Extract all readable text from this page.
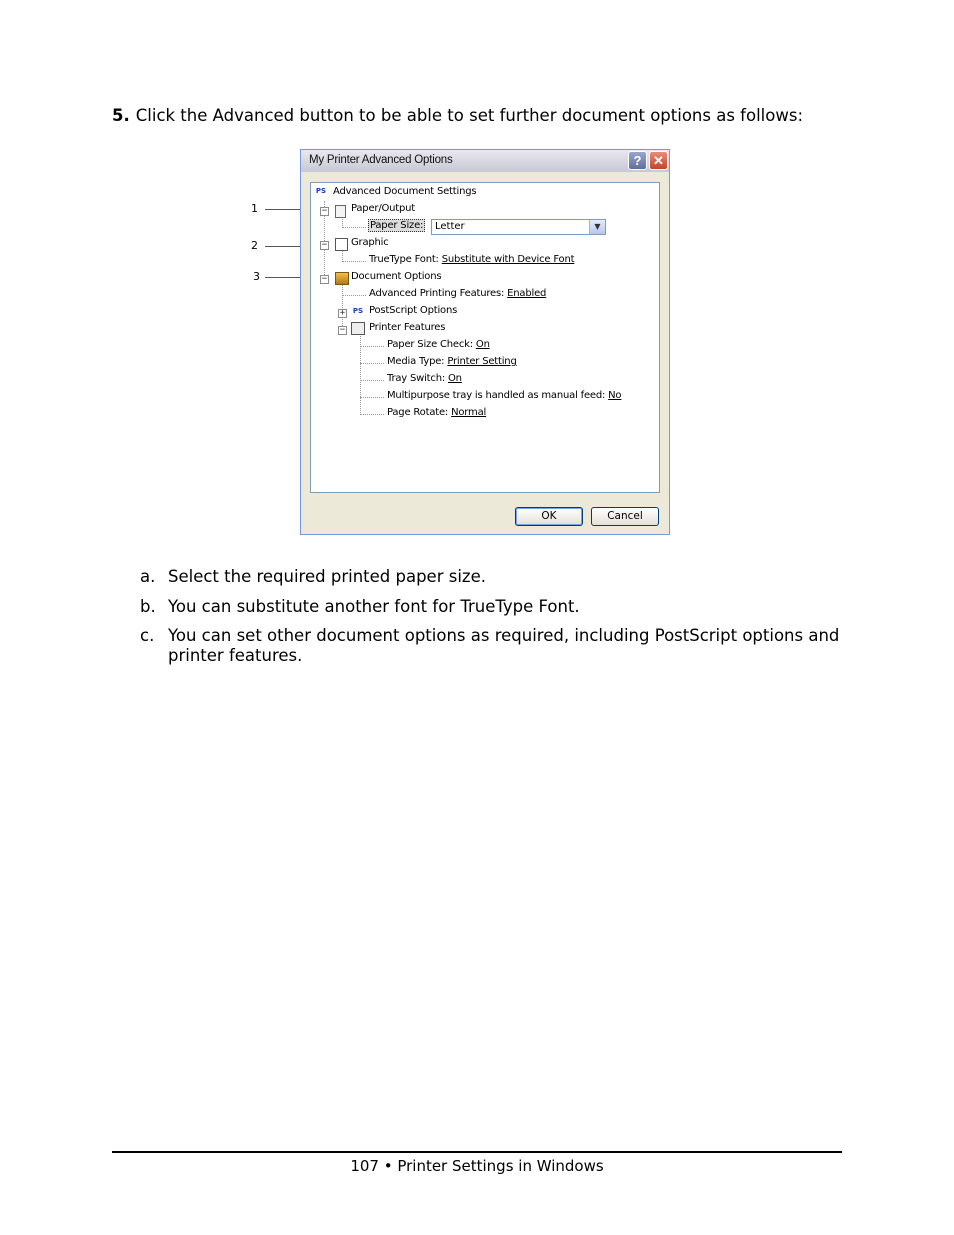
5. Click the Advanced button to be able to set further document options as follows:
1
2
3
My Printer Advanced Options	? ✕
PS Advanced Document Settings
− Paper/Output
Paper Size:	Letter	▼
− Graphic
TrueType Font: Substitute with Device Font
− Document Options
Advanced Printing Features: Enabled
+ PS PostScript Options
− Printer Features
Paper Size Check: On
Media Type: Printer Setting
Tray Switch: On
Multipurpose tray is handled as manual feed: No
Page Rotate: Normal
OK	Cancel
a. Select the required printed paper size.
b. You can substitute another font for TrueType Font.
c. You can set other document options as required, including PostScript options and printer features.
107 • Printer Settings in Windows
